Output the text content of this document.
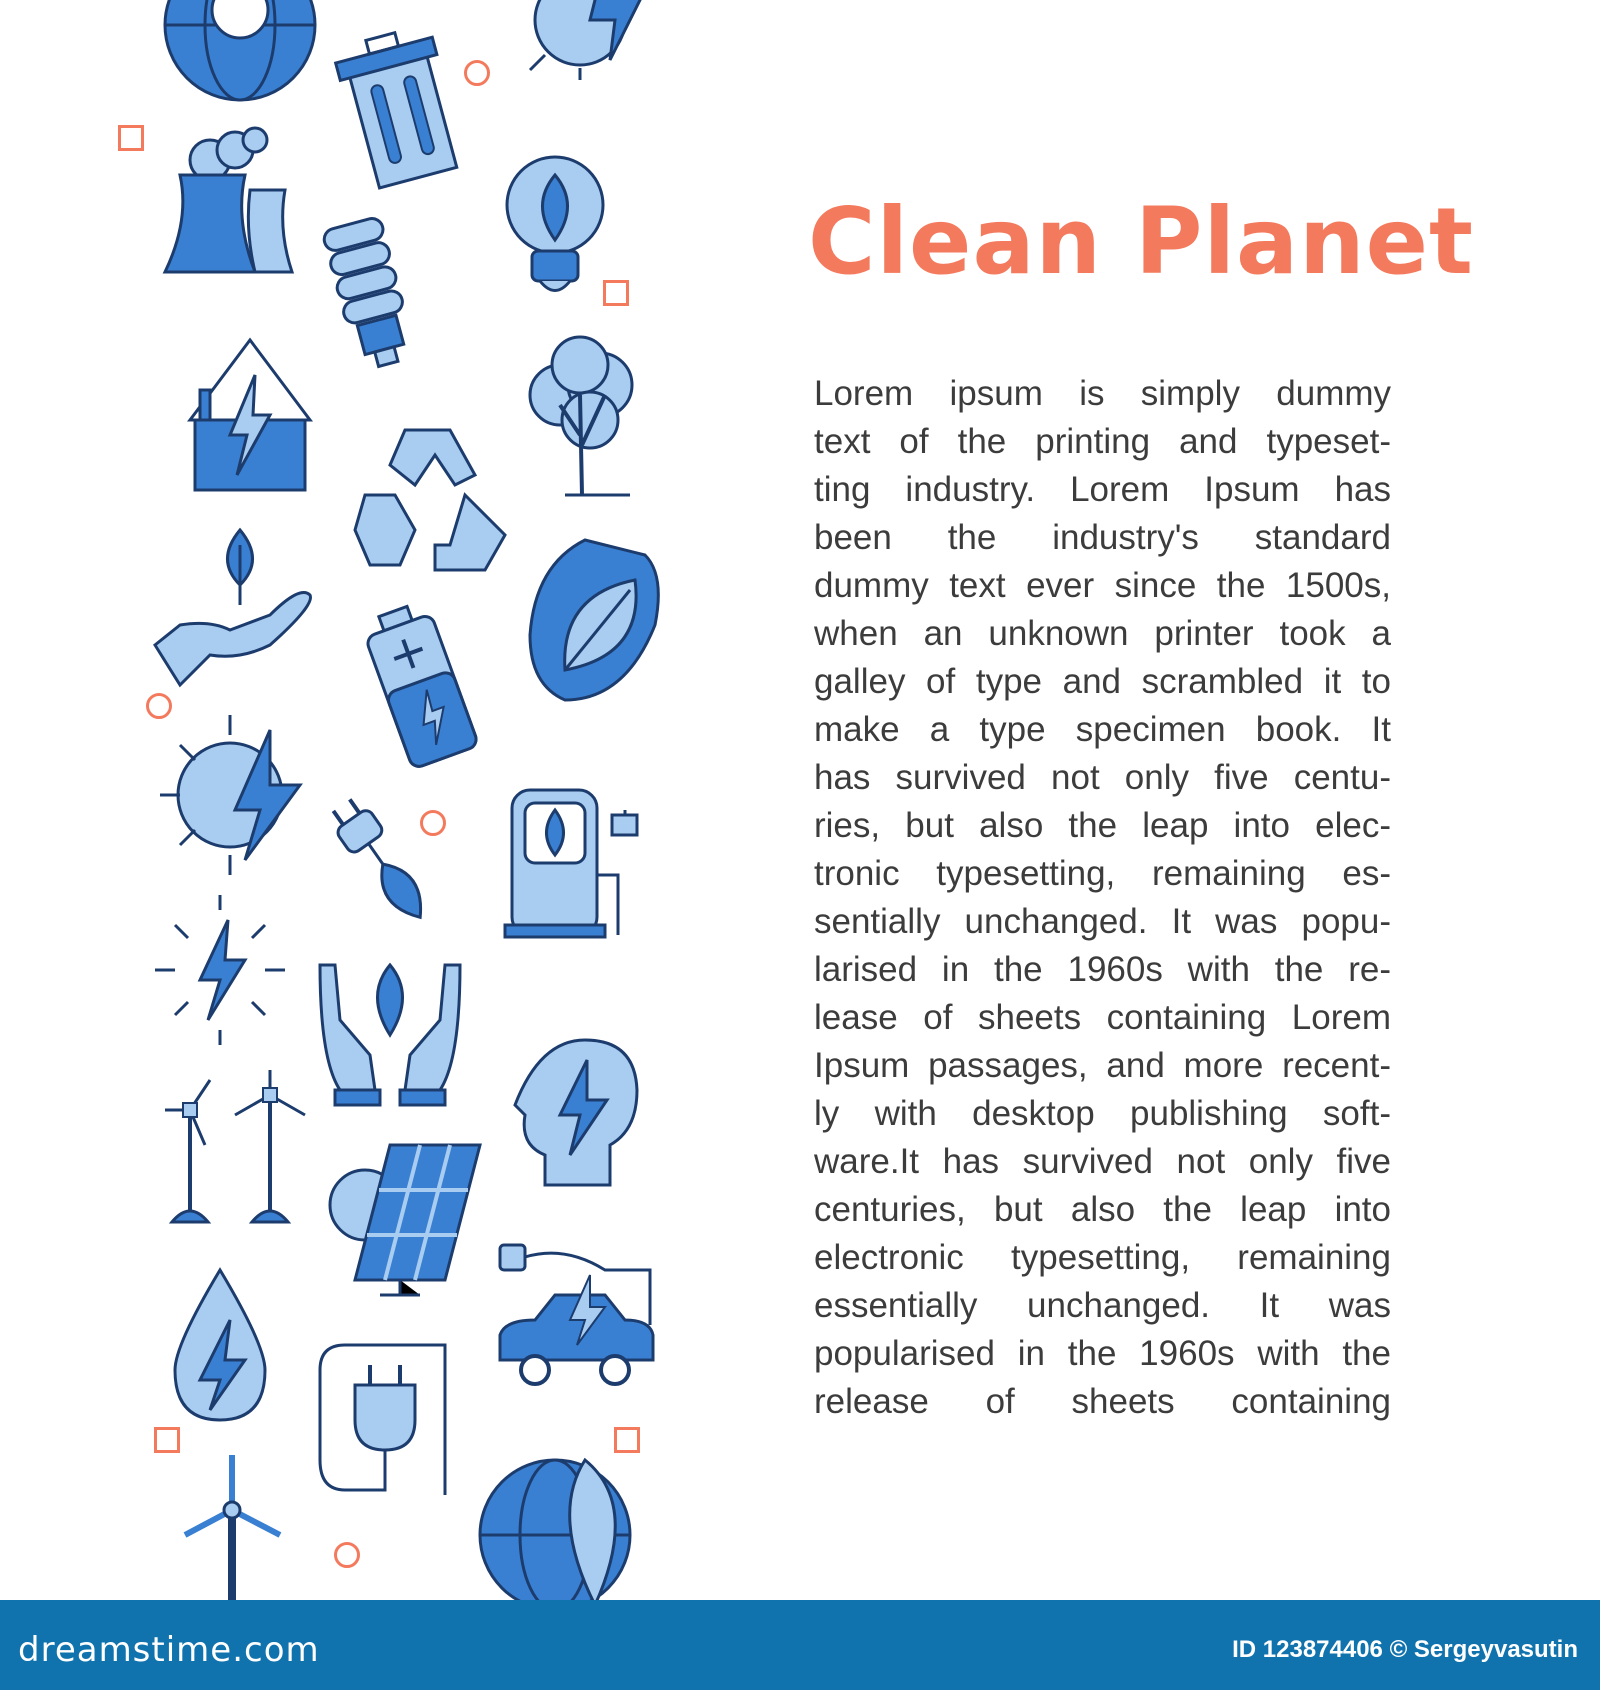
Clean Planet
Lorem ipsum is simply dummy
text of the printing and typeset-
ting industry. Lorem Ipsum has
been the industry's standard
dummy text ever since the 1500s,
when an unknown printer took a
galley of type and scrambled it to
make a type specimen book. It
has survived not only five centu-
ries, but also the leap into elec-
tronic typesetting, remaining es-
sentially unchanged. It was popu-
larised in the 1960s with the re-
lease of sheets containing Lorem
Ipsum passages, and more recent-
ly with desktop publishing soft-
ware.It has survived not only five
centuries, but also the leap into
electronic typesetting, remaining
essentially unchanged. It was
popularised in the 1960s with the
release of sheets containing
dreamstime.com	ID 123874406 © Sergeyvasutin
